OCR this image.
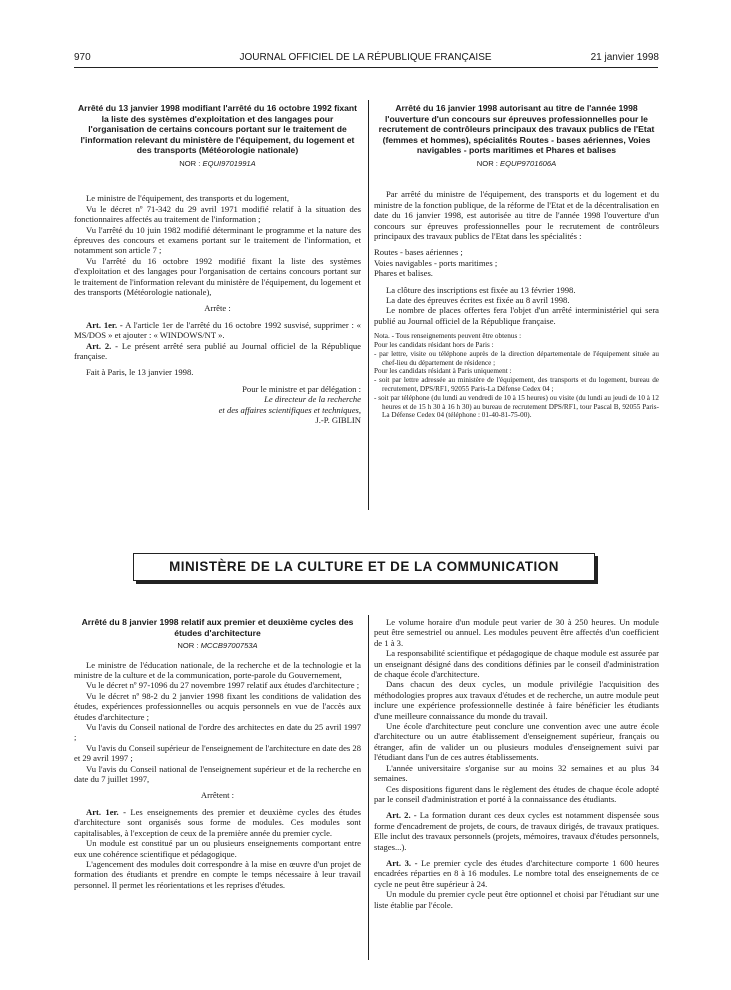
970	JOURNAL OFFICIEL DE LA RÉPUBLIQUE FRANÇAISE	21 janvier 1998
Arrêté du 13 janvier 1998 modifiant l'arrêté du 16 octobre 1992 fixant la liste des systèmes d'exploitation et des langages pour l'organisation de certains concours portant sur le traitement de l'information relevant du ministère de l'équipement, du logement et des transports (Météorologie nationale)
NOR : EQUI9701991A

Le ministre de l'équipement, des transports et du logement,

Vu le décret nº 71-342 du 29 avril 1971 modifié relatif à la situation des fonctionnaires affectés au traitement de l'information ;

Vu l'arrêté du 10 juin 1982 modifié déterminant le programme et la nature des épreuves des concours et examens portant sur le traitement de l'information, et notamment son article 7 ;

Vu l'arrêté du 16 octobre 1992 modifié fixant la liste des systèmes d'exploitation et des langages pour l'organisation de certains concours portant sur le traitement de l'information relevant du ministère de l'équipement, du logement et des transports (Météorologie nationale),

Arrête :

Art. 1er. - A l'article 1er de l'arrêté du 16 octobre 1992 susvisé, supprimer : « MS/DOS » et ajouter : « WINDOWS/NT ».

Art. 2. - Le présent arrêté sera publié au Journal officiel de la République française.

Fait à Paris, le 13 janvier 1998.

Pour le ministre et par délégation :

Le directeur de la recherche

et des affaires scientifiques et techniques,

J.-P. GIBLIN

Arrêté du 16 janvier 1998 autorisant au titre de l'année 1998 l'ouverture d'un concours sur épreuves professionnelles pour le recrutement de contrôleurs principaux des travaux publics de l'Etat (femmes et hommes), spécialités Routes - bases aériennes, Voies navigables - ports maritimes et Phares et balises
NOR : EQUP9701606A

Par arrêté du ministre de l'équipement, des transports et du logement et du ministre de la fonction publique, de la réforme de l'Etat et de la décentralisation en date du 16 janvier 1998, est autorisée au titre de l'année 1998 l'ouverture d'un concours sur épreuves professionnelles pour le recrutement de contrôleurs principaux des travaux publics de l'Etat dans les spécialités :

Routes - bases aériennes ;

Voies navigables - ports maritimes ;

Phares et balises.

La clôture des inscriptions est fixée au 13 février 1998.

La date des épreuves écrites est fixée au 8 avril 1998.

Le nombre de places offertes fera l'objet d'un arrêté interministériel qui sera publié au Journal officiel de la République française.

Nota. - Tous renseignements peuvent être obtenus :

Pour les candidats résidant hors de Paris :

- par lettre, visite ou téléphone auprès de la direction départementale de l'équipement située au chef-lieu du département de résidence ;

Pour les candidats résidant à Paris uniquement :

- soit par lettre adressée au ministère de l'équipement, des transports et du logement, bureau de recrutement, DPS/RF1, 92055 Paris-La Défense Cedex 04 ;

- soit par téléphone (du lundi au vendredi de 10 à 15 heures) ou visite (du lundi au jeudi de 10 à 12 heures et de 15 h 30 à 16 h 30) au bureau de recrutement DPS/RF1, tour Pascal B, 92055 Paris-La Défense Cedex 04 (téléphone : 01-40-81-75-00).

MINISTÈRE DE LA CULTURE ET DE LA COMMUNICATION
Arrêté du 8 janvier 1998 relatif aux premier et deuxième cycles des études d'architecture
NOR : MCCB9700753A

Le ministre de l'éducation nationale, de la recherche et de la technologie et la ministre de la culture et de la communication, porte-parole du Gouvernement,

Vu le décret nº 97-1096 du 27 novembre 1997 relatif aux études d'architecture ;

Vu le décret nº 98-2 du 2 janvier 1998 fixant les conditions de validation des études, expériences professionnelles ou acquis personnels en vue de l'accès aux études d'architecture ;

Vu l'avis du Conseil national de l'ordre des architectes en date du 25 avril 1997 ;

Vu l'avis du Conseil supérieur de l'enseignement de l'architecture en date des 28 et 29 avril 1997 ;

Vu l'avis du Conseil national de l'enseignement supérieur et de la recherche en date du 7 juillet 1997,

Arrêtent :

Art. 1er. - Les enseignements des premier et deuxième cycles des études d'architecture sont organisés sous forme de modules. Ces modules sont capitalisables, à l'exception de ceux de la première année du premier cycle.

Un module est constitué par un ou plusieurs enseignements comportant entre eux une cohérence scientifique et pédagogique.

L'agencement des modules doit correspondre à la mise en œuvre d'un projet de formation des étudiants et prendre en compte le temps nécessaire à leur travail personnel. Il permet les réorientations et les reprises d'études.

Le volume horaire d'un module peut varier de 30 à 250 heures. Un module peut être semestriel ou annuel. Les modules peuvent être affectés d'un coefficient de 1 à 3.

La responsabilité scientifique et pédagogique de chaque module est assurée par un enseignant désigné dans des conditions définies par le conseil d'administration de chaque école d'architecture.

Dans chacun des deux cycles, un module privilégie l'acquisition des méthodologies propres aux travaux d'études et de recherche, un autre module peut inclure une expérience professionnelle destinée à faire bénéficier les étudiants d'une meilleure connaissance du monde du travail.

Une école d'architecture peut conclure une convention avec une autre école d'architecture ou un autre établissement d'enseignement supérieur, français ou étranger, afin de valider un ou plusieurs modules d'enseignement suivi par l'étudiant dans l'un de ces autres établissements.

L'année universitaire s'organise sur au moins 32 semaines et au plus 34 semaines.

Ces dispositions figurent dans le règlement des études de chaque école adopté par le conseil d'administration et porté à la connaissance des étudiants.

Art. 2. - La formation durant ces deux cycles est notamment dispensée sous forme d'encadrement de projets, de cours, de travaux dirigés, de travaux pratiques. Elle inclut des travaux personnels (projets, mémoires, travaux d'études personnels, stages...).

Art. 3. - Le premier cycle des études d'architecture comporte 1 600 heures encadrées réparties en 8 à 16 modules. Le nombre total des enseignements de ce cycle ne peut être supérieur à 24.

Un module du premier cycle peut être optionnel et choisi par l'étudiant sur une liste établie par l'école.
